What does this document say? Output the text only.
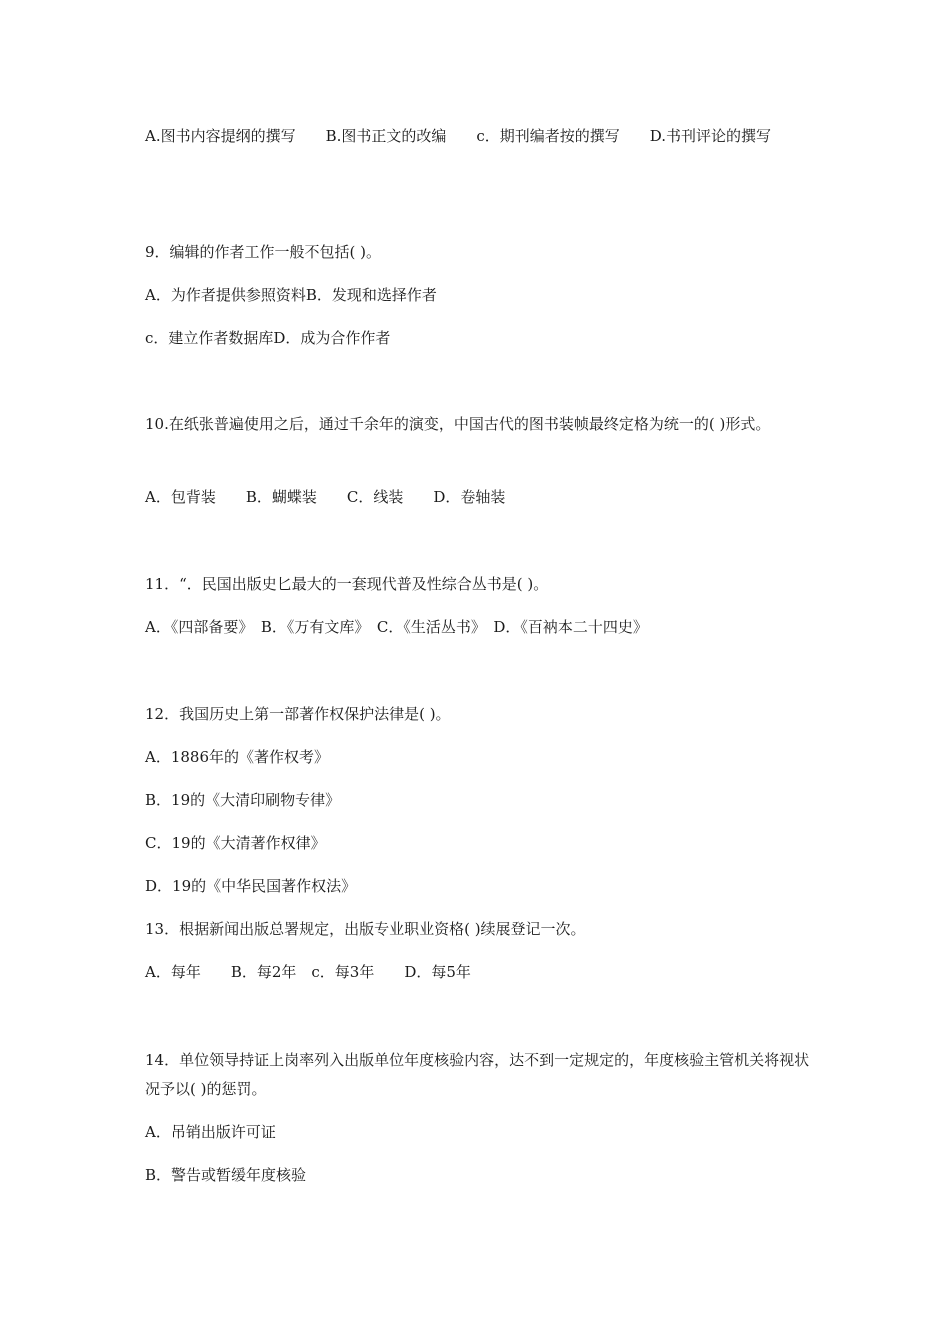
A.图书内容提纲的撰写　　B.图书正文的改编　　c．期刊编者按的撰写　　D.书刊评论的撰写
9．编辑的作者工作一般不包括( )。
A．为作者提供参照资料B．发现和选择作者
c．建立作者数据库D．成为合作作者
10.在纸张普遍使用之后，通过千余年的演变，中国古代的图书装帧最终定格为统一的( )形式。
A．包背装　　B．蝴蝶装　　C．线装　　D．卷轴装
11．“．民国出版史匕最大的一套现代普及性综合丛书是( )。
A．《四部备要》　B．《万有文库》　C．《生活丛书》　D．《百衲本二十四史》
12．我国历史上第一部著作权保护法律是( )。
A．1886年的《著作权考》
B．19的《大清印刷物专律》
C．19的《大清著作权律》
D．19的《中华民国著作权法》
13．根据新闻出版总署规定，出版专业职业资格( )续展登记一次。
A．每年　　B．每2年　c．每3年　　D．每5年
14．单位领导持证上岗率列入出版单位年度核验内容，达不到一定规定的，年度核验主管机关将视状况予以( )的惩罚。
A．吊销出版许可证
B．警告或暂缓年度核验
